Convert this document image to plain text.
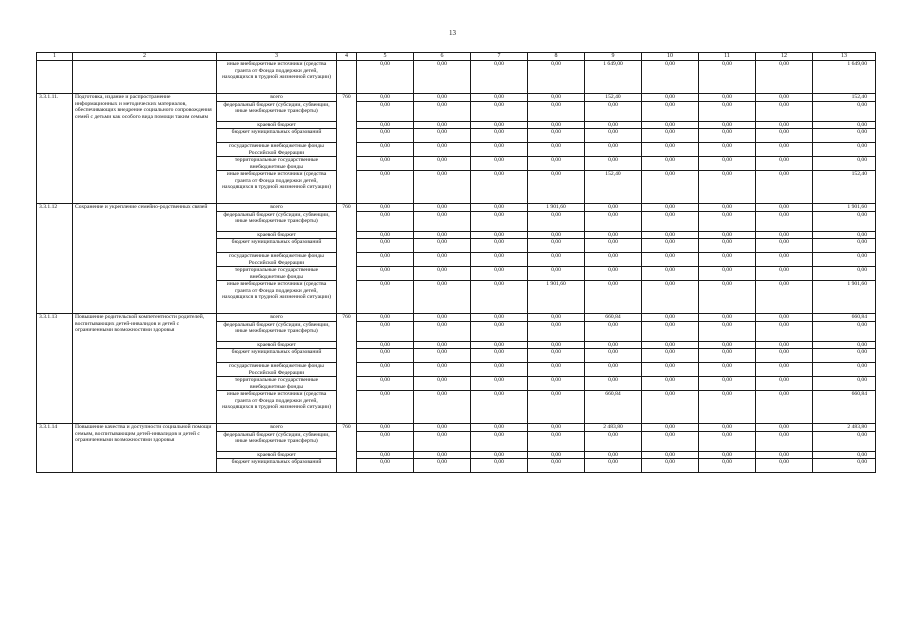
13
1	2	3	4	5	6	7	8	9	10	11	12	13
		иные внебюджетные источники (средства гранта от Фонда поддержки детей, находящихся в трудной жизненной ситуации)		0,00	0,00	0,00	0,00	1 649,00	0,00	0,00	0,00	1 649,00
3.3.1.11.	Подготовка, издание и распространение информационных и методических материалов, обеспечивающих внедрение социального сопровождения семей с детьми как особого вида помощи таким семьям	всего	760	0,00	0,00	0,00	0,00	152,40	0,00	0,00	0,00	152,40
		федеральный бюджет (субсидии, субвенции, иные межбюджетные трансферты)		0,00	0,00	0,00	0,00	0,00	0,00	0,00	0,00	0,00
		краевой бюджет		0,00	0,00	0,00	0,00	0,00	0,00	0,00	0,00	0,00
		бюджет муниципальных образований		0,00	0,00	0,00	0,00	0,00	0,00	0,00	0,00	0,00
		государственные внебюджетные фонды Российской Федерации		0,00	0,00	0,00	0,00	0,00	0,00	0,00	0,00	0,00
		территориальные государственные внебюджетные фонды		0,00	0,00	0,00	0,00	0,00	0,00	0,00	0,00	0,00
		иные внебюджетные источники (средства гранта от Фонда поддержки детей, находящихся в трудной жизненной ситуации)		0,00	0,00	0,00	0,00	152,40	0,00	0,00	0,00	152,40
3.3.1.12	Сохранение и укрепление семейно-родственных связей	всего	760	0,00	0,00	0,00	1 901,60	0,00	0,00	0,00	0,00	1 901,60
		федеральный бюджет (субсидии, субвенции, иные межбюджетные трансферты)		0,00	0,00	0,00	0,00	0,00	0,00	0,00	0,00	0,00
		краевой бюджет		0,00	0,00	0,00	0,00	0,00	0,00	0,00	0,00	0,00
		бюджет муниципальных образований		0,00	0,00	0,00	0,00	0,00	0,00	0,00	0,00	0,00
		государственные внебюджетные фонды Российской Федерации		0,00	0,00	0,00	0,00	0,00	0,00	0,00	0,00	0,00
		территориальные государственные внебюджетные фонды		0,00	0,00	0,00	0,00	0,00	0,00	0,00	0,00	0,00
		иные внебюджетные источники (средства гранта от Фонда поддержки детей, находящихся в трудной жизненной ситуации)		0,00	0,00	0,00	1 901,60	0,00	0,00	0,00	0,00	1 901,60
3.3.1.13	Повышение родительской компетентности родителей, воспитывающих детей-инвалидов и детей с ограниченными возможностями здоровья	всего	760	0,00	0,00	0,00	0,00	660,84	0,00	0,00	0,00	660,84
		федеральный бюджет (субсидии, субвенции, иные межбюджетные трансферты)		0,00	0,00	0,00	0,00	0,00	0,00	0,00	0,00	0,00
		краевой бюджет		0,00	0,00	0,00	0,00	0,00	0,00	0,00	0,00	0,00
		бюджет муниципальных образований		0,00	0,00	0,00	0,00	0,00	0,00	0,00	0,00	0,00
		государственные внебюджетные фонды Российской Федерации		0,00	0,00	0,00	0,00	0,00	0,00	0,00	0,00	0,00
		территориальные государственные внебюджетные фонды		0,00	0,00	0,00	0,00	0,00	0,00	0,00	0,00	0,00
		иные внебюджетные источники (средства гранта от Фонда поддержки детей, находящихся в трудной жизненной ситуации)		0,00	0,00	0,00	0,00	660,84	0,00	0,00	0,00	660,84
3.3.1.14	Повышение качества и доступности социальной помощи семьям, воспитывающим детей-инвалидов и детей с ограниченными возможностями здоровья	всего	760	0,00	0,00	0,00	0,00	2 483,80	0,00	0,00	0,00	2 483,80
		федеральный бюджет (субсидии, субвенции, иные межбюджетные трансферты)		0,00	0,00	0,00	0,00	0,00	0,00	0,00	0,00	0,00
		краевой бюджет		0,00	0,00	0,00	0,00	0,00	0,00	0,00	0,00	0,00
		бюджет муниципальных образований		0,00	0,00	0,00	0,00	0,00	0,00	0,00	0,00	0,00
